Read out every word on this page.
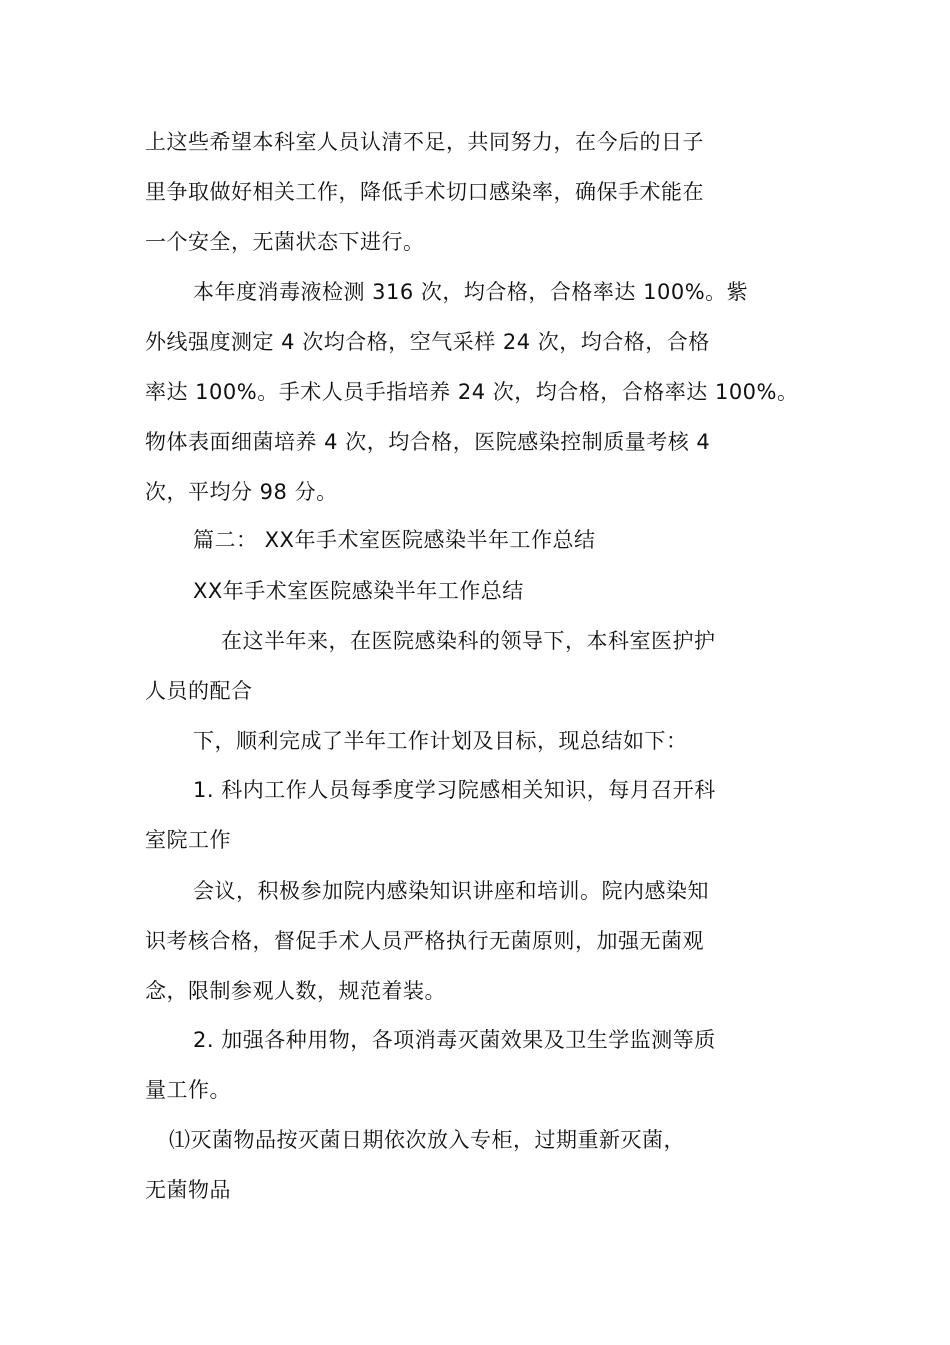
上这些希望本科室人员认清不足，共同努力，在今后的日子
里争取做好相关工作，降低手术切口感染率，确保手术能在
一个安全，无菌状态下进行。
本年度消毒液检测 316 次，均合格，合格率达 100%。紫
外线强度测定 4 次均合格，空气采样 24 次，均合格，合格
率达 100%。手术人员手指培养 24 次，均合格，合格率达 100%。
物体表面细菌培养 4 次，均合格，医院感染控制质量考核 4
次，平均分 98 分。
篇二： XX年手术室医院感染半年工作总结
XX年手术室医院感染半年工作总结
在这半年来，在医院感染科的领导下，本科室医护护
人员的配合
下，顺利完成了半年工作计划及目标，现总结如下：
1. 科内工作人员每季度学习院感相关知识，每月召开科
室院工作
会议，积极参加院内感染知识讲座和培训。院内感染知
识考核合格，督促手术人员严格执行无菌原则，加强无菌观
念，限制参观人数，规范着装。
2. 加强各种用物，各项消毒灭菌效果及卫生学监测等质
量工作。
⑴灭菌物品按灭菌日期依次放入专柜，过期重新灭菌，
无菌物品
